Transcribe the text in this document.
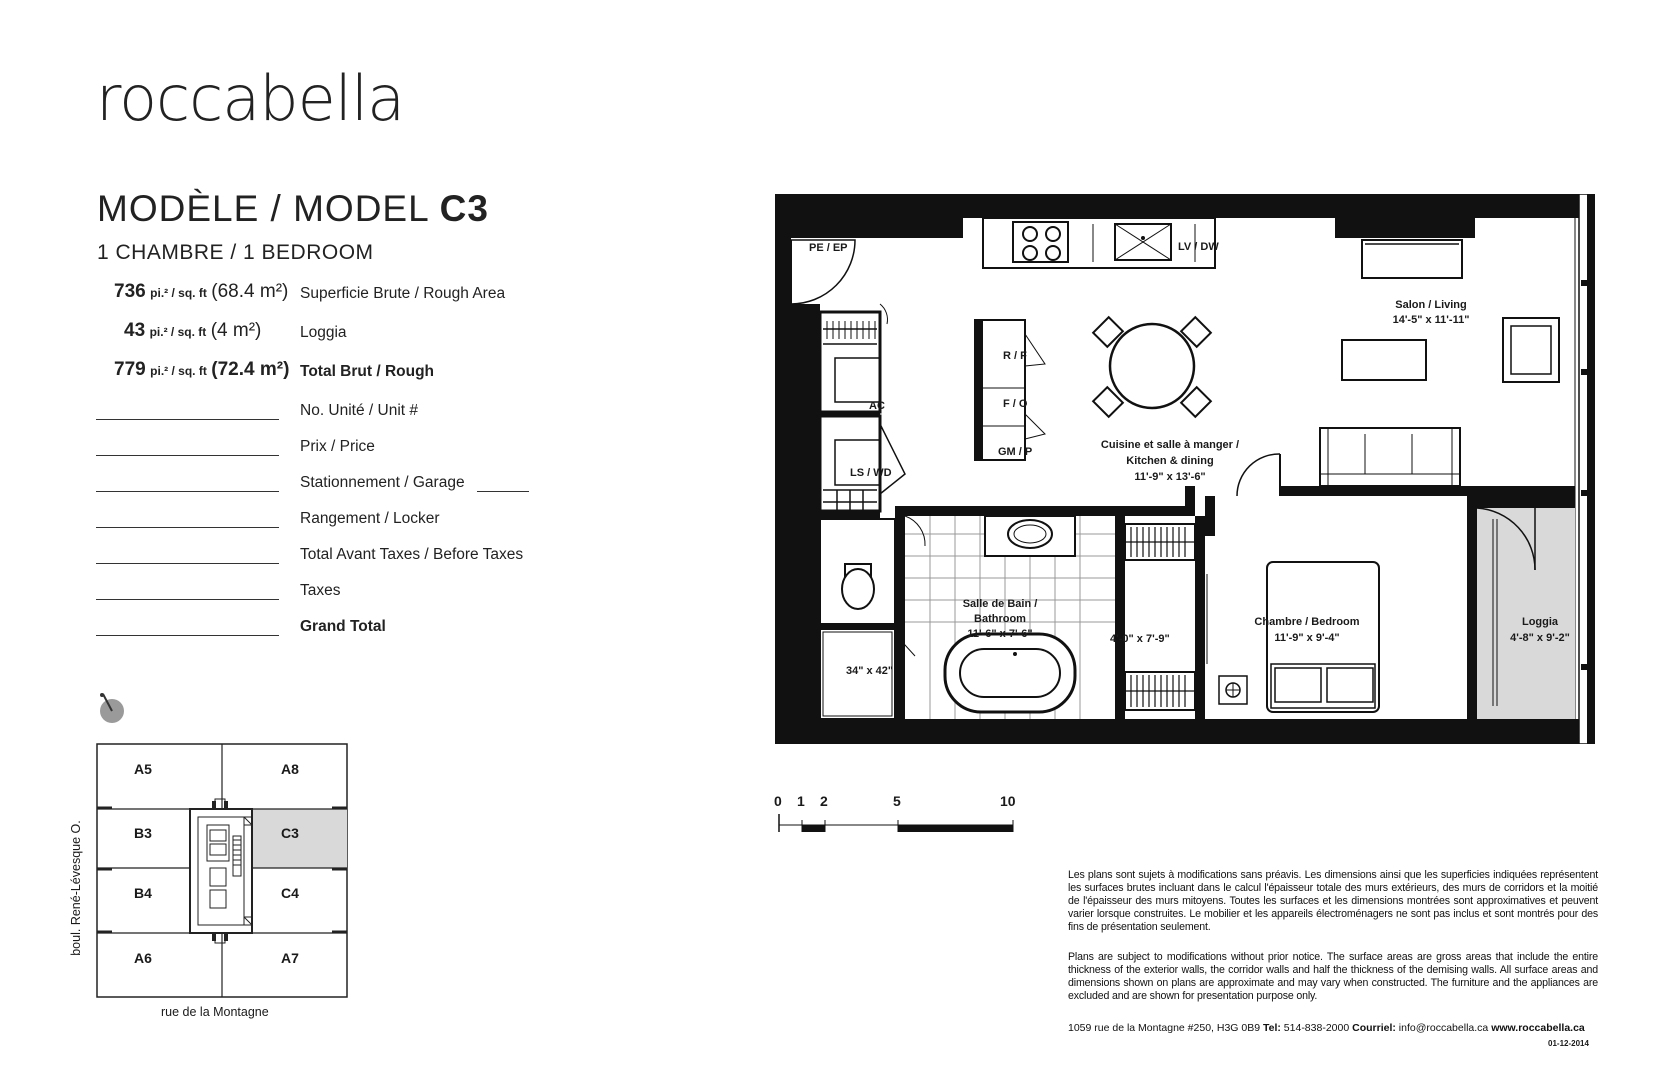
roccabella
MODÈLE / MODEL C3
1 CHAMBRE / 1 BEDROOM
736 pi.² / sq. ft (68.4 m²) Superficie Brute / Rough Area
43 pi.² / sq. ft (4 m²) Loggia
779 pi.² / sq. ft (72.4 m²) Total Brut / Rough
No. Unité / Unit #
Prix / Price
Stationnement / Garage
Rangement / Locker
Total Avant Taxes / Before Taxes
Taxes
Grand Total
A5	A8
B3	C3
B4	C4
A6	A7
rue de la Montagne
boul. René-Lévesque O.
PE / EP	LV / DW
AC
LS / WD
R / F
F / O
GM / P
Salon / Living
14'-5" x 11'-11"
Cuisine et salle à manger /
Kitchen & dining
11'-9" x 13'-6"
Salle de Bain /
Bathroom
11'-6" x 7'-6"
34" x 42"
4'-0" x 7'-9"
Chambre / Bedroom
11'-9" x 9'-4"
Loggia
4'-8" x 9'-2"
0 1 2	5	10
Les plans sont sujets à modifications sans préavis. Les dimensions ainsi que les superficies indiquées représentent les surfaces brutes incluant dans le calcul l'épaisseur totale des murs extérieurs, des murs de corridors et la moitié de l'épaisseur des murs mitoyens. Toutes les surfaces et les dimensions montrées sont approximatives et peuvent varier lorsque construites. Le mobilier et les appareils électroménagers ne sont pas inclus et sont montrés pour des fins de présentation seulement.
Plans are subject to modifications without prior notice. The surface areas are gross areas that include the entire thickness of the exterior walls, the corridor walls and half the thickness of the demising walls. All surface areas and dimensions shown on plans are approximate and may vary when constructed. The furniture and the appliances are excluded and are shown for presentation purpose only.
1059 rue de la Montagne #250, H3G 0B9 Tel: 514-838-2000 Courriel: info@roccabella.ca www.roccabella.ca
01-12-2014
